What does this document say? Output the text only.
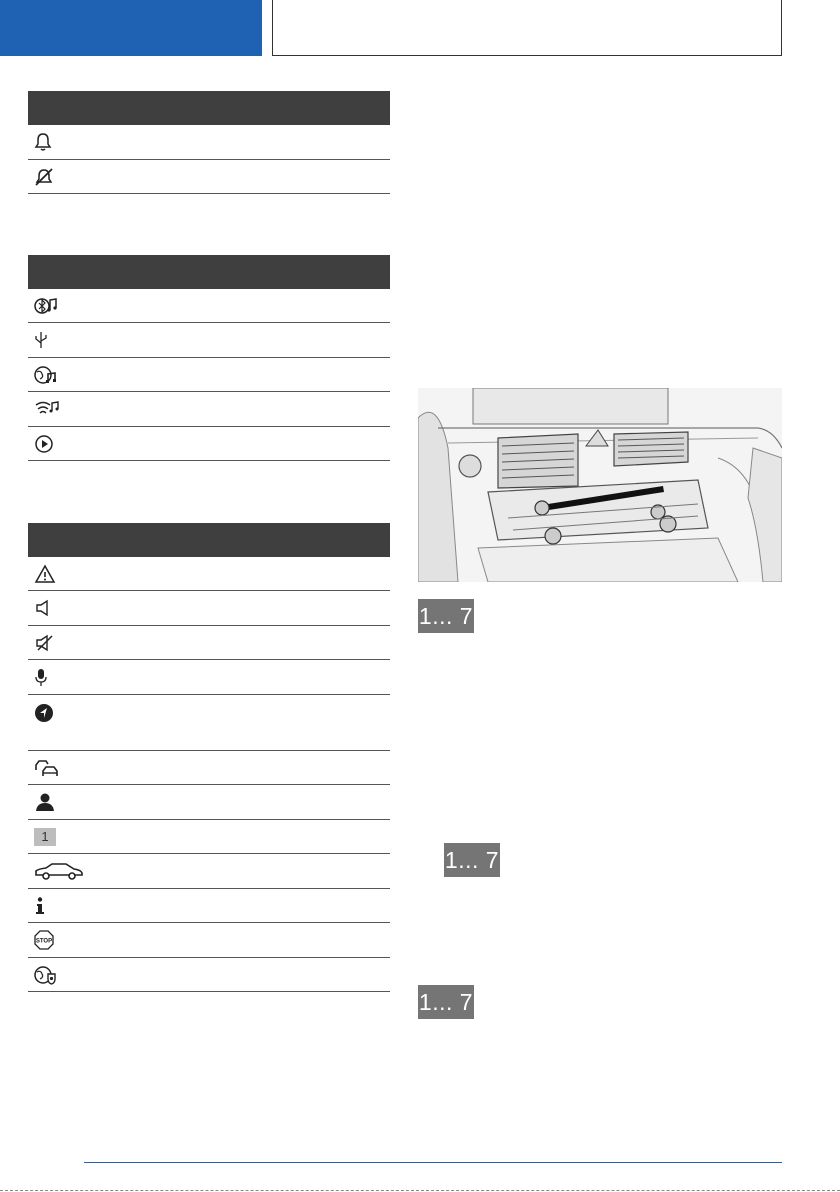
1
STOP
1... 7
1... 7
1... 7
